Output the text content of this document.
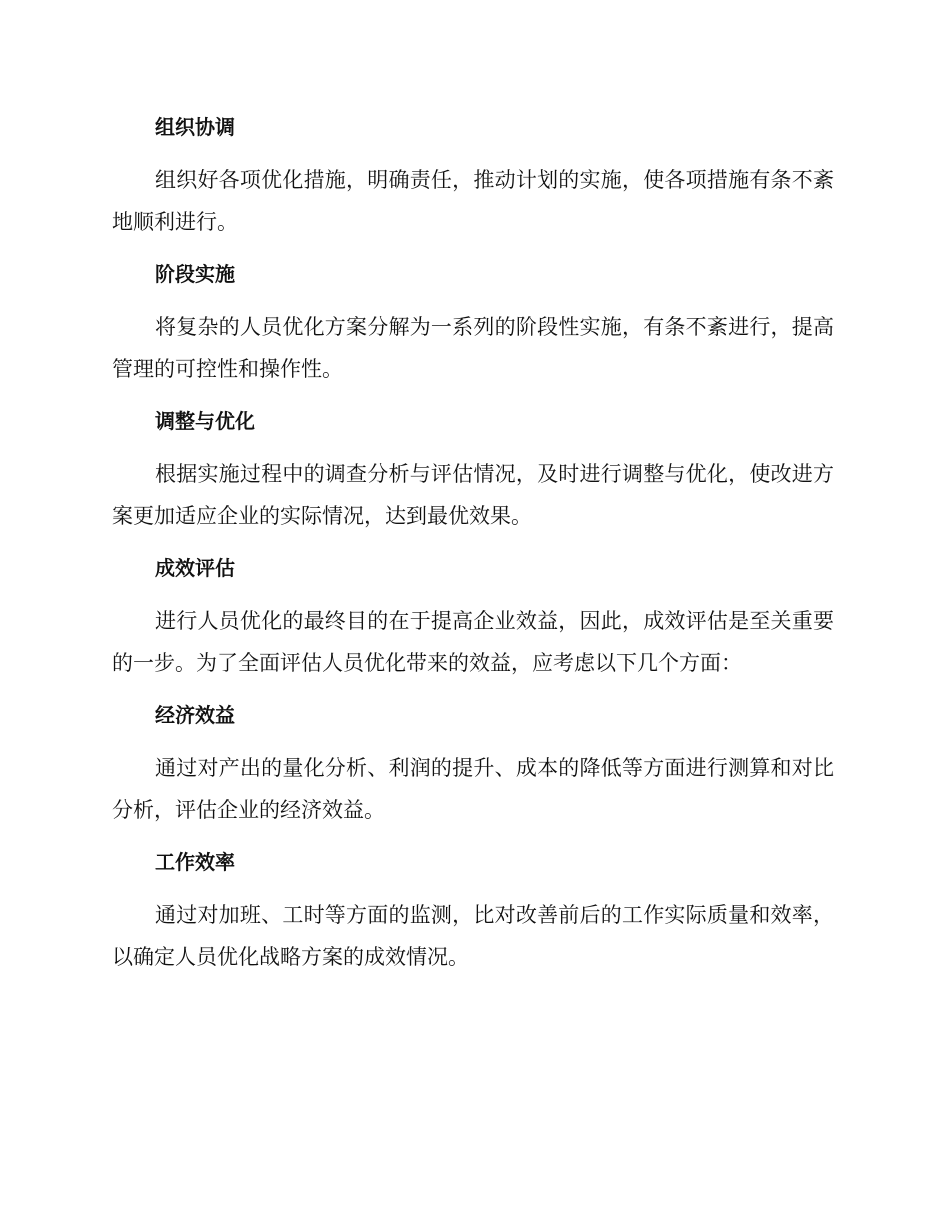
组织协调

组织好各项优化措施，明确责任，推动计划的实施，使各项措施有条不紊地顺利进行。

阶段实施

将复杂的人员优化方案分解为一系列的阶段性实施，有条不紊进行，提高管理的可控性和操作性。

调整与优化

根据实施过程中的调查分析与评估情况，及时进行调整与优化，使改进方案更加适应企业的实际情况，达到最优效果。

成效评估

进行人员优化的最终目的在于提高企业效益，因此，成效评估是至关重要的一步。为了全面评估人员优化带来的效益，应考虑以下几个方面：

经济效益

通过对产出的量化分析、利润的提升、成本的降低等方面进行测算和对比分析，评估企业的经济效益。

工作效率

通过对加班、工时等方面的监测，比对改善前后的工作实际质量和效率，以确定人员优化战略方案的成效情况。
